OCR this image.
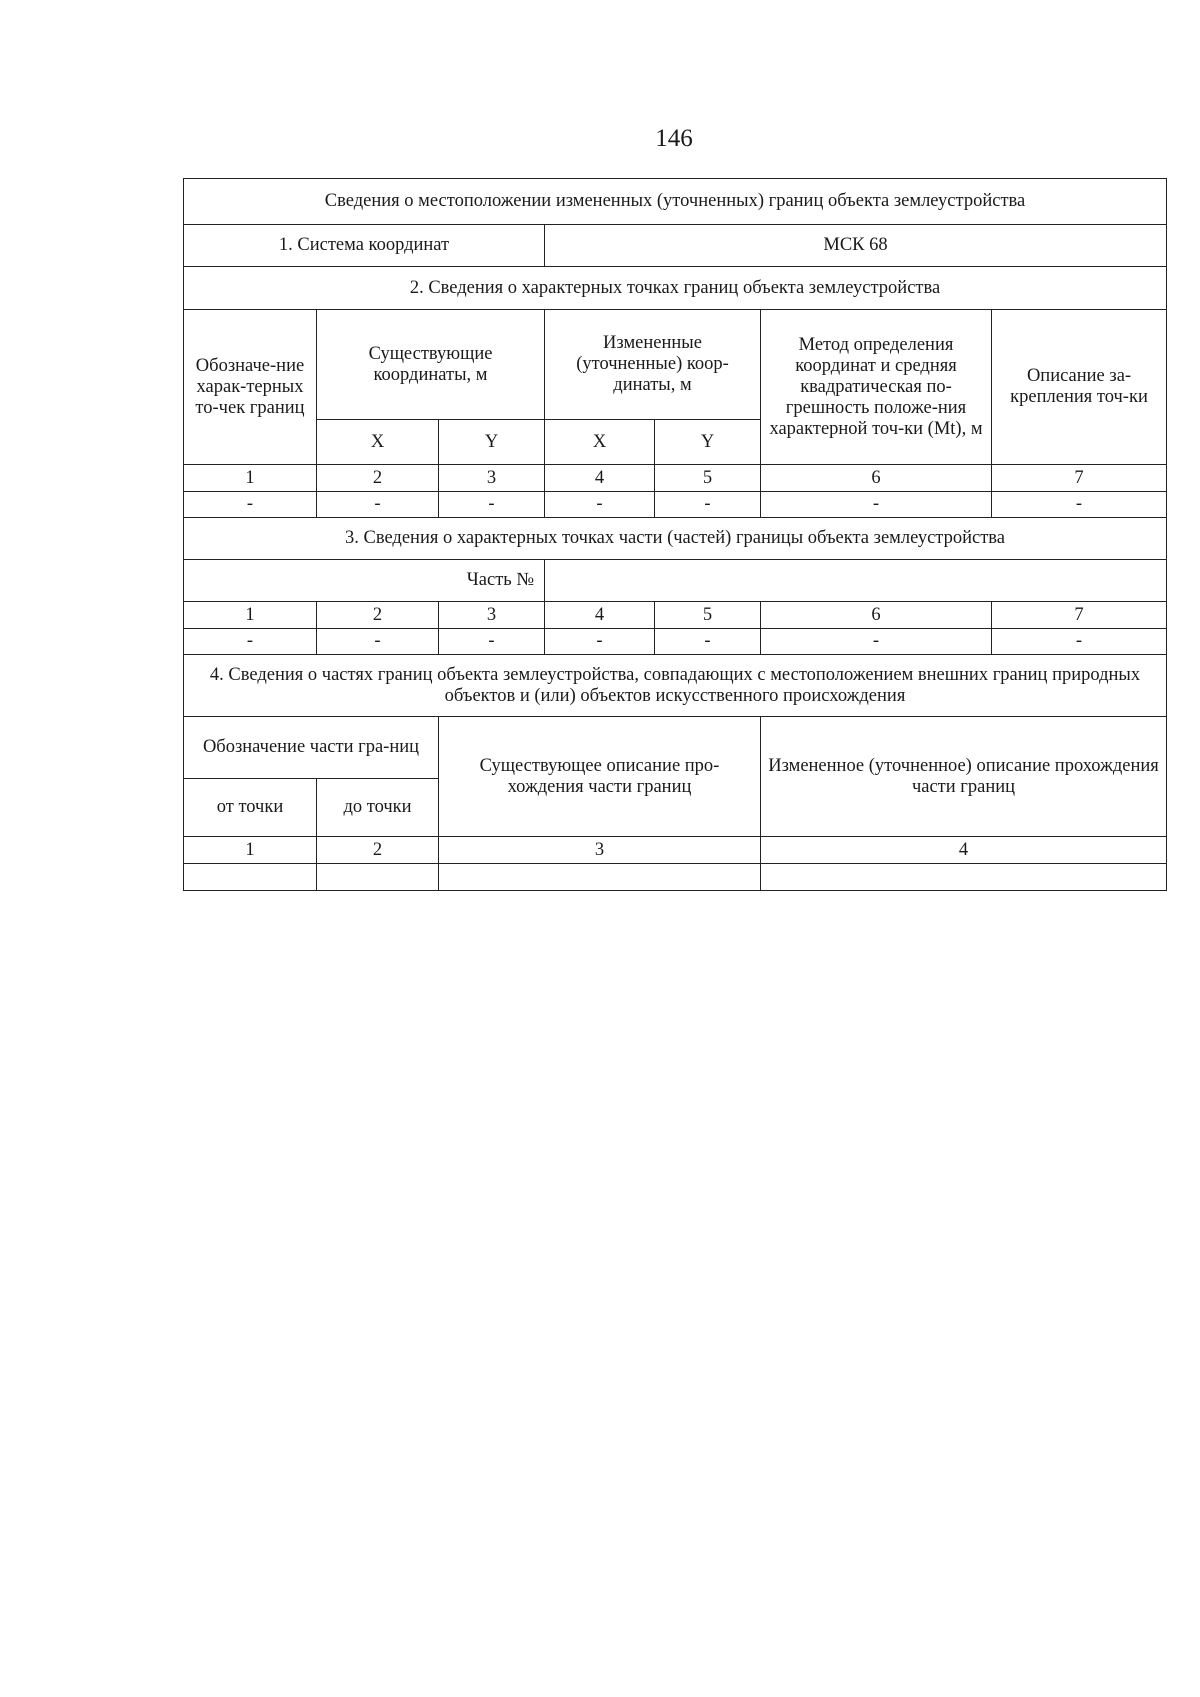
146
Сведения о местоположении измененных (уточненных) границ объекта землеустройства						
1. Система координат			МСК 68			
2. Сведения о характерных точках границ объекта землеустройства						
Обозначе-ние харак-терных то-чек границ	Существующие координаты, м		Измененные (уточненные) коор-динаты, м		Метод определения координат и средняя квадратическая по-грешность положе-ния характерной точ-ки (Mt), м	Описание за-крепления точ-ки
	X	Y	X	Y		
1	2	3	4	5	6	7
-	-	-	-	-	-	-
3. Сведения о характерных точках части (частей) границы объекта землеустройства						
Часть №						
1	2	3	4	5	6	7
-	-	-	-	-	-	-
4. Сведения о частях границ объекта землеустройства, совпадающих с местоположением внешних границ природных объектов и (или) объектов искусственного происхождения						
Обозначение части гра-ниц		Существующее описание про-хождения части границ			Измененное (уточненное) описание прохождения части границ	
от точки	до точки					
1	2	3			4	
